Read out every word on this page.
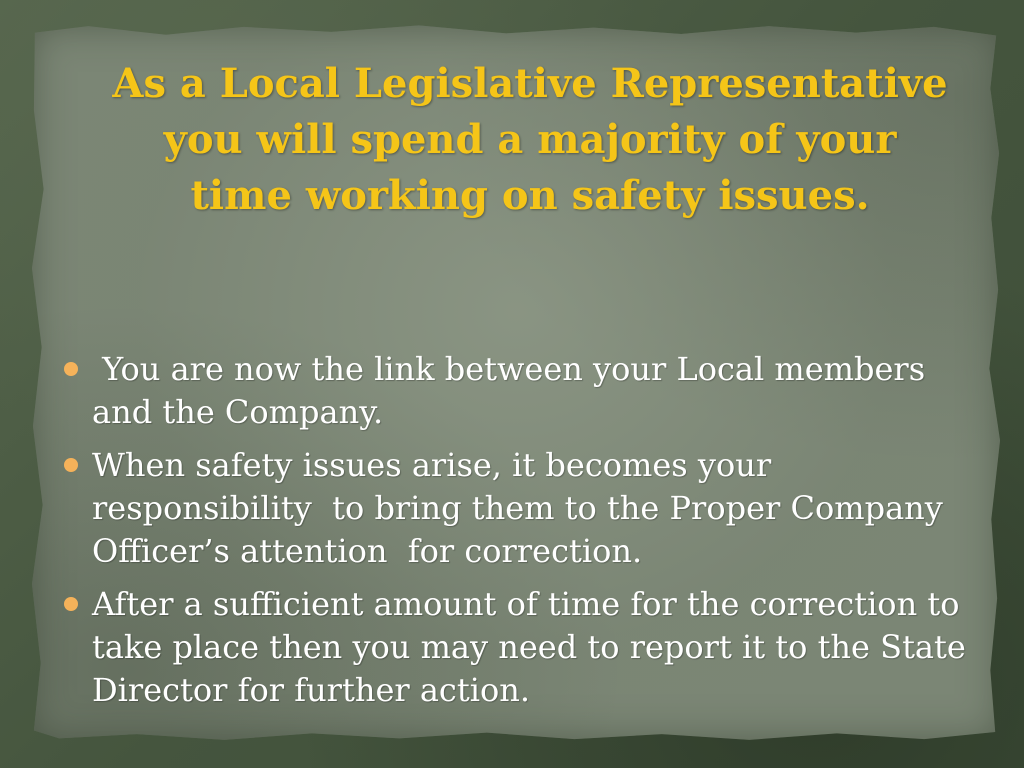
As a Local Legislative Representative you will spend a majority of your time working on safety issues.
You are now the link between your Local members and the Company.
When safety issues arise, it becomes your responsibility  to bring them to the Proper Company Officer’s attention  for correction.
After a sufficient amount of time for the correction to take place then you may need to report it to the State Director for further action.
